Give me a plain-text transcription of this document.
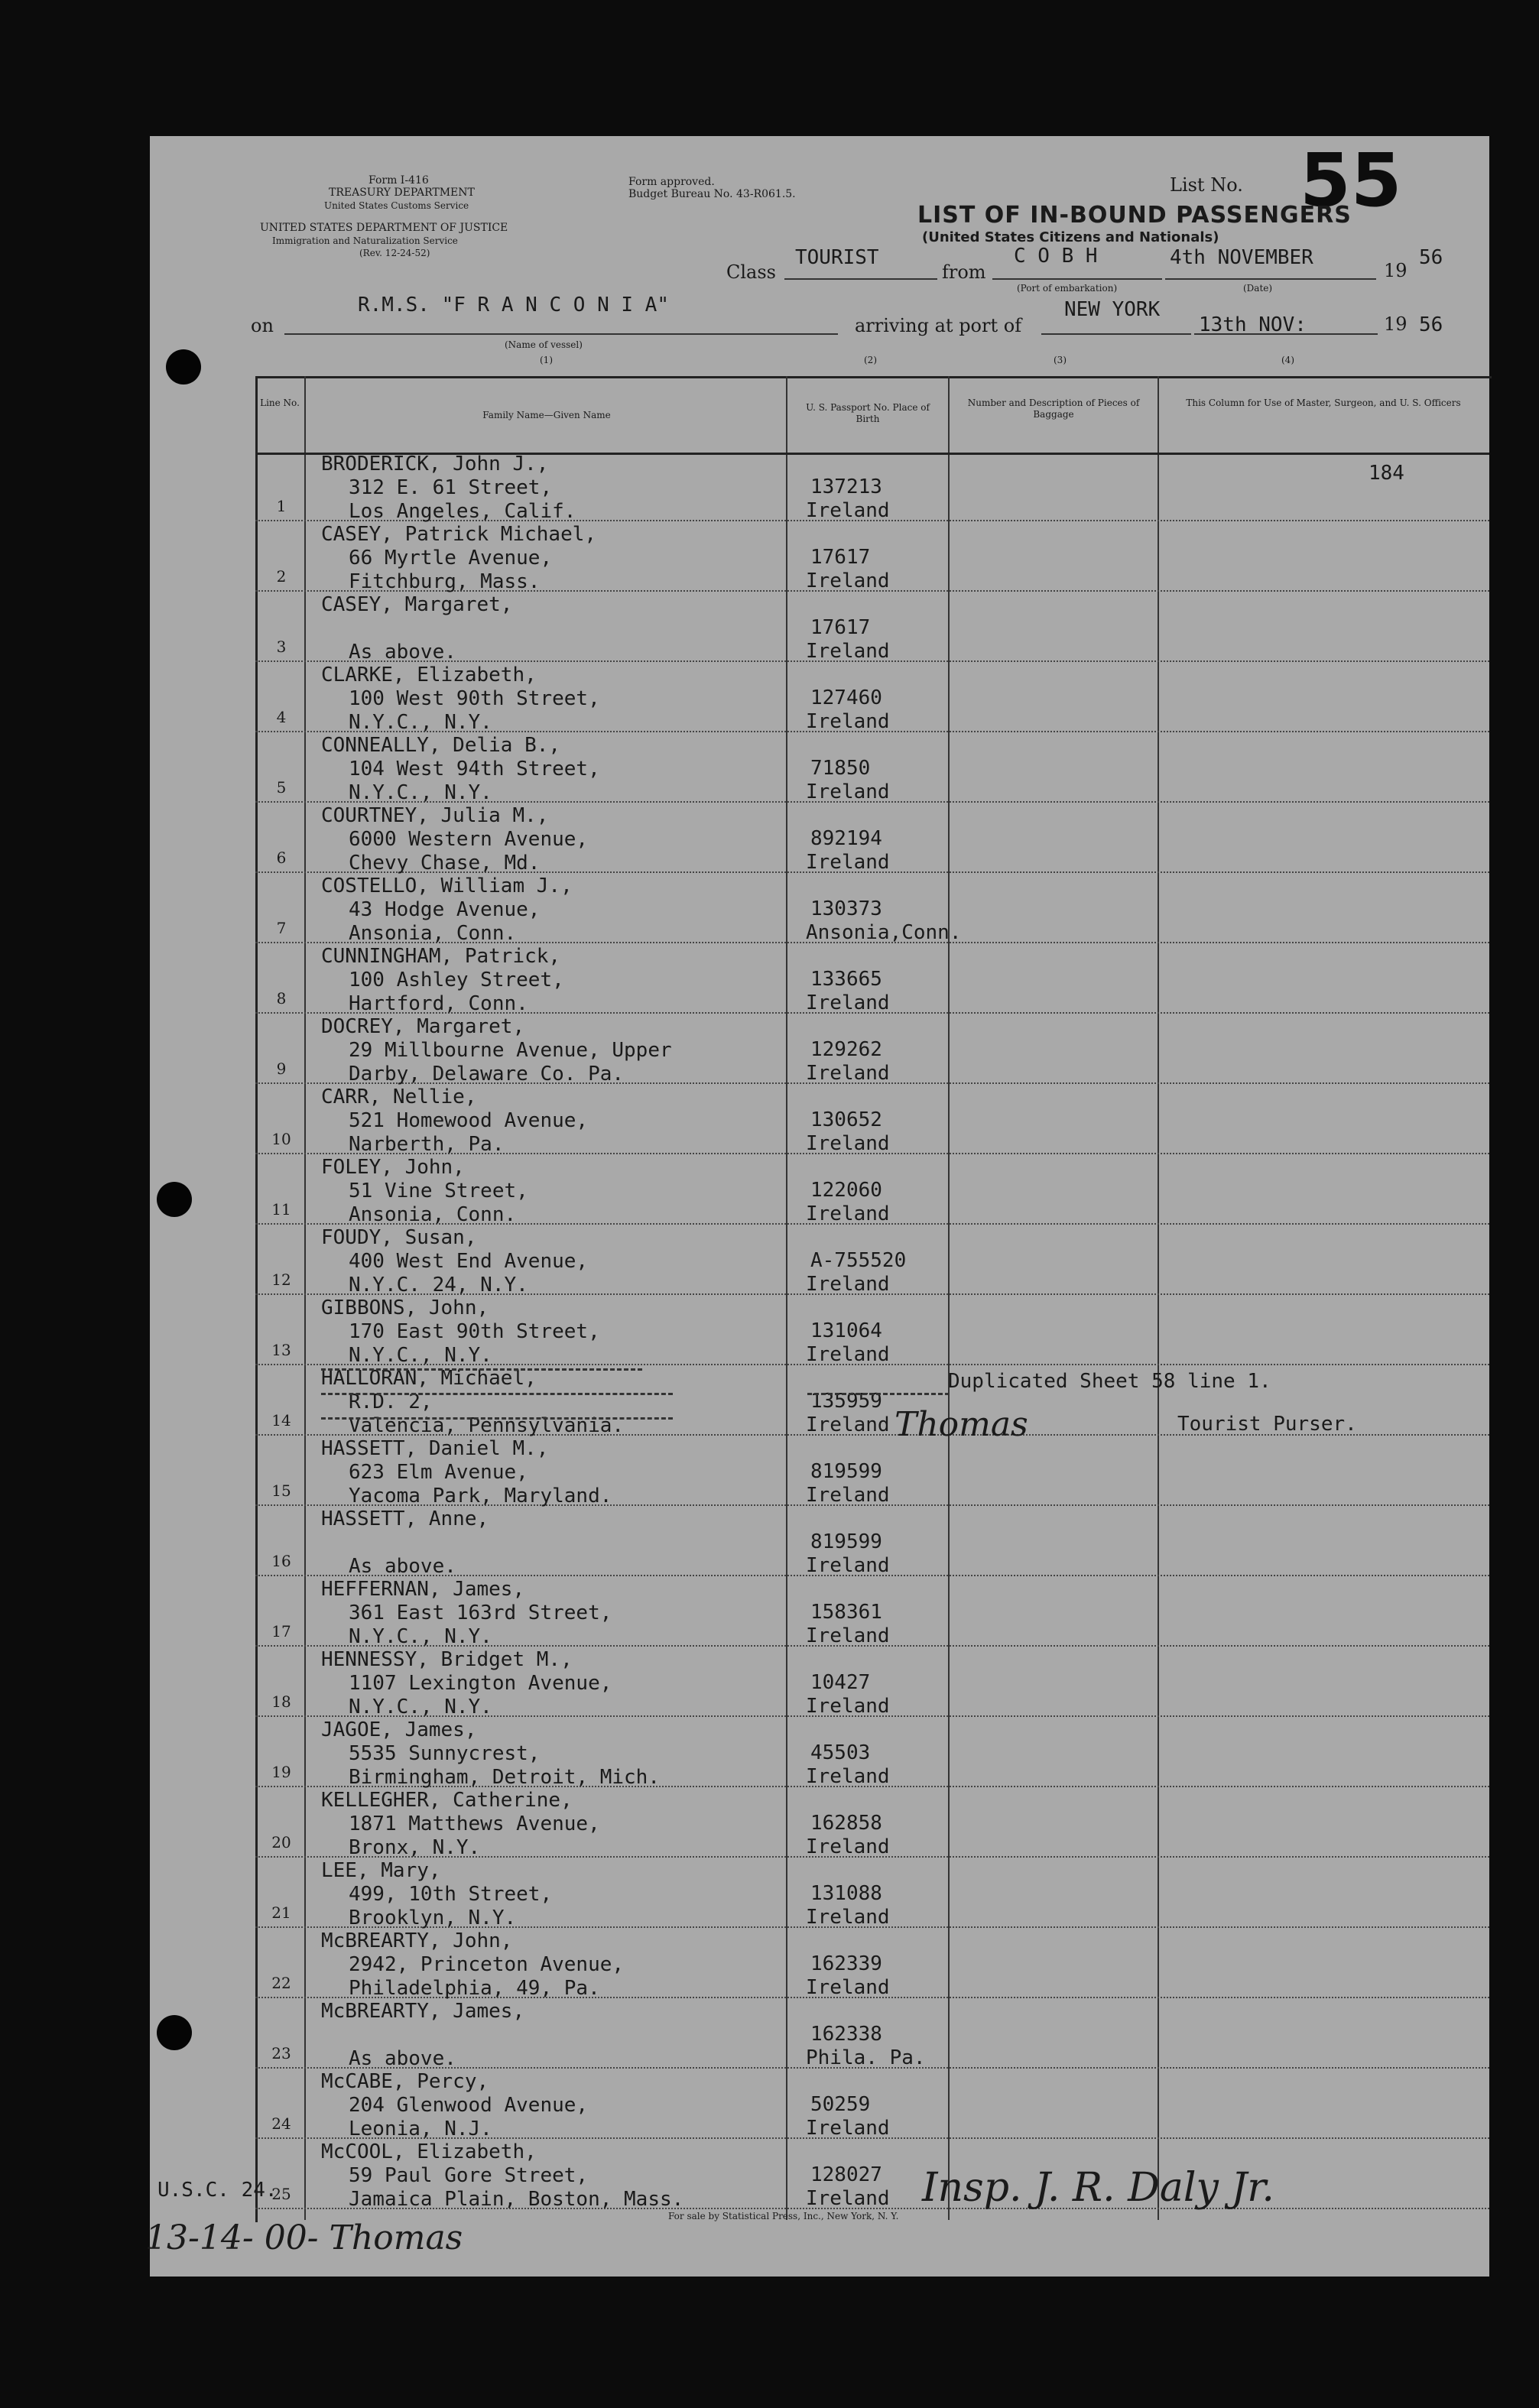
Form I-416
TREASURY DEPARTMENT
United States Customs Service
UNITED STATES DEPARTMENT OF JUSTICE
Immigration and Naturalization Service
(Rev. 12-24-52)
Form approved.
Budget Bureau No. 43-R061.5.	List No. 55
LIST OF IN-BOUND PASSENGERS
(United States Citizens and Nationals)
Class
TOURIST
from
C O B H	4th NOVEMBER
19
56
(Port of embarkation)	(Date)
on
R.M.S. "F R A N C O N I A"
arriving at port of
NEW YORK
13th NOV:	19 56
(Name of vessel)
(1)	(2)	(3)	(4)
Line No.
Family Name—Given Name
U. S. Passport No. Place of Birth
Number and Description of Pieces of Baggage
This Column for Use of Master, Surgeon, and U. S. Officers
184
1
BRODERICK, John J.,
312 E. 61 Street,
Los Angeles, Calif.
137213
Ireland
2
CASEY, Patrick Michael,
66 Myrtle Avenue,
Fitchburg, Mass.
17617
Ireland
3
CASEY, Margaret,

As above.
17617
Ireland
4
CLARKE, Elizabeth,
100 West 90th Street,
N.Y.C., N.Y.
127460
Ireland
5
CONNEALLY, Delia B.,
104 West 94th Street,
N.Y.C., N.Y.
71850
Ireland
6
COURTNEY, Julia M.,
6000 Western Avenue,
Chevy Chase, Md.
892194
Ireland
7
COSTELLO, William J.,
43 Hodge Avenue,
Ansonia, Conn.
130373
Ansonia,Conn.
8
CUNNINGHAM, Patrick,
100 Ashley Street,
Hartford, Conn.
133665
Ireland
9
DOCREY, Margaret,
29 Millbourne Avenue, Upper
Darby, Delaware Co. Pa.
129262
Ireland
10
CARR, Nellie,
521 Homewood Avenue,
Narberth, Pa.
130652
Ireland
11
FOLEY, John,
51 Vine Street,
Ansonia, Conn.
122060
Ireland
12
FOUDY, Susan,
400 West End Avenue,
N.Y.C. 24, N.Y.
A-755520
Ireland
13
GIBBONS, John,
170 East 90th Street,
N.Y.C., N.Y.
131064
Ireland
14
HALLORAN, Michael,
R.D. 2,
Valencia, Pennsylvania.
135959
Ireland
15
HASSETT, Daniel M.,
623 Elm Avenue,
Yacoma Park, Maryland.
819599
Ireland
16
HASSETT, Anne,

As above.
819599
Ireland
17
HEFFERNAN, James,
361 East 163rd Street,
N.Y.C., N.Y.
158361
Ireland
18
HENNESSY, Bridget M.,
1107 Lexington Avenue,
N.Y.C., N.Y.
10427
Ireland
19
JAGOE, James,
5535 Sunnycrest,
Birmingham, Detroit, Mich.
45503
Ireland
20
KELLEGHER, Catherine,
1871 Matthews Avenue,
Bronx, N.Y.
162858
Ireland
21
LEE, Mary,
499, 10th Street,
Brooklyn, N.Y.
131088
Ireland
22
McBREARTY, John,
2942, Princeton Avenue,
Philadelphia, 49, Pa.
162339
Ireland
23
McBREARTY, James,

As above.
162338
Phila. Pa.
24
McCABE, Percy,
204 Glenwood Avenue,
Leonia, N.J.
50259
Ireland
25
McCOOL, Elizabeth,
59 Paul Gore Street,
Jamaica Plain, Boston, Mass.
128027
Ireland
Duplicated Sheet 58 line 1.
Thomas	Tourist Purser.
U.S.C. 24.
13-14- 00- Thomas
Insp. J. R. Daly Jr.
For sale by Statistical Press, Inc., New York, N. Y.
